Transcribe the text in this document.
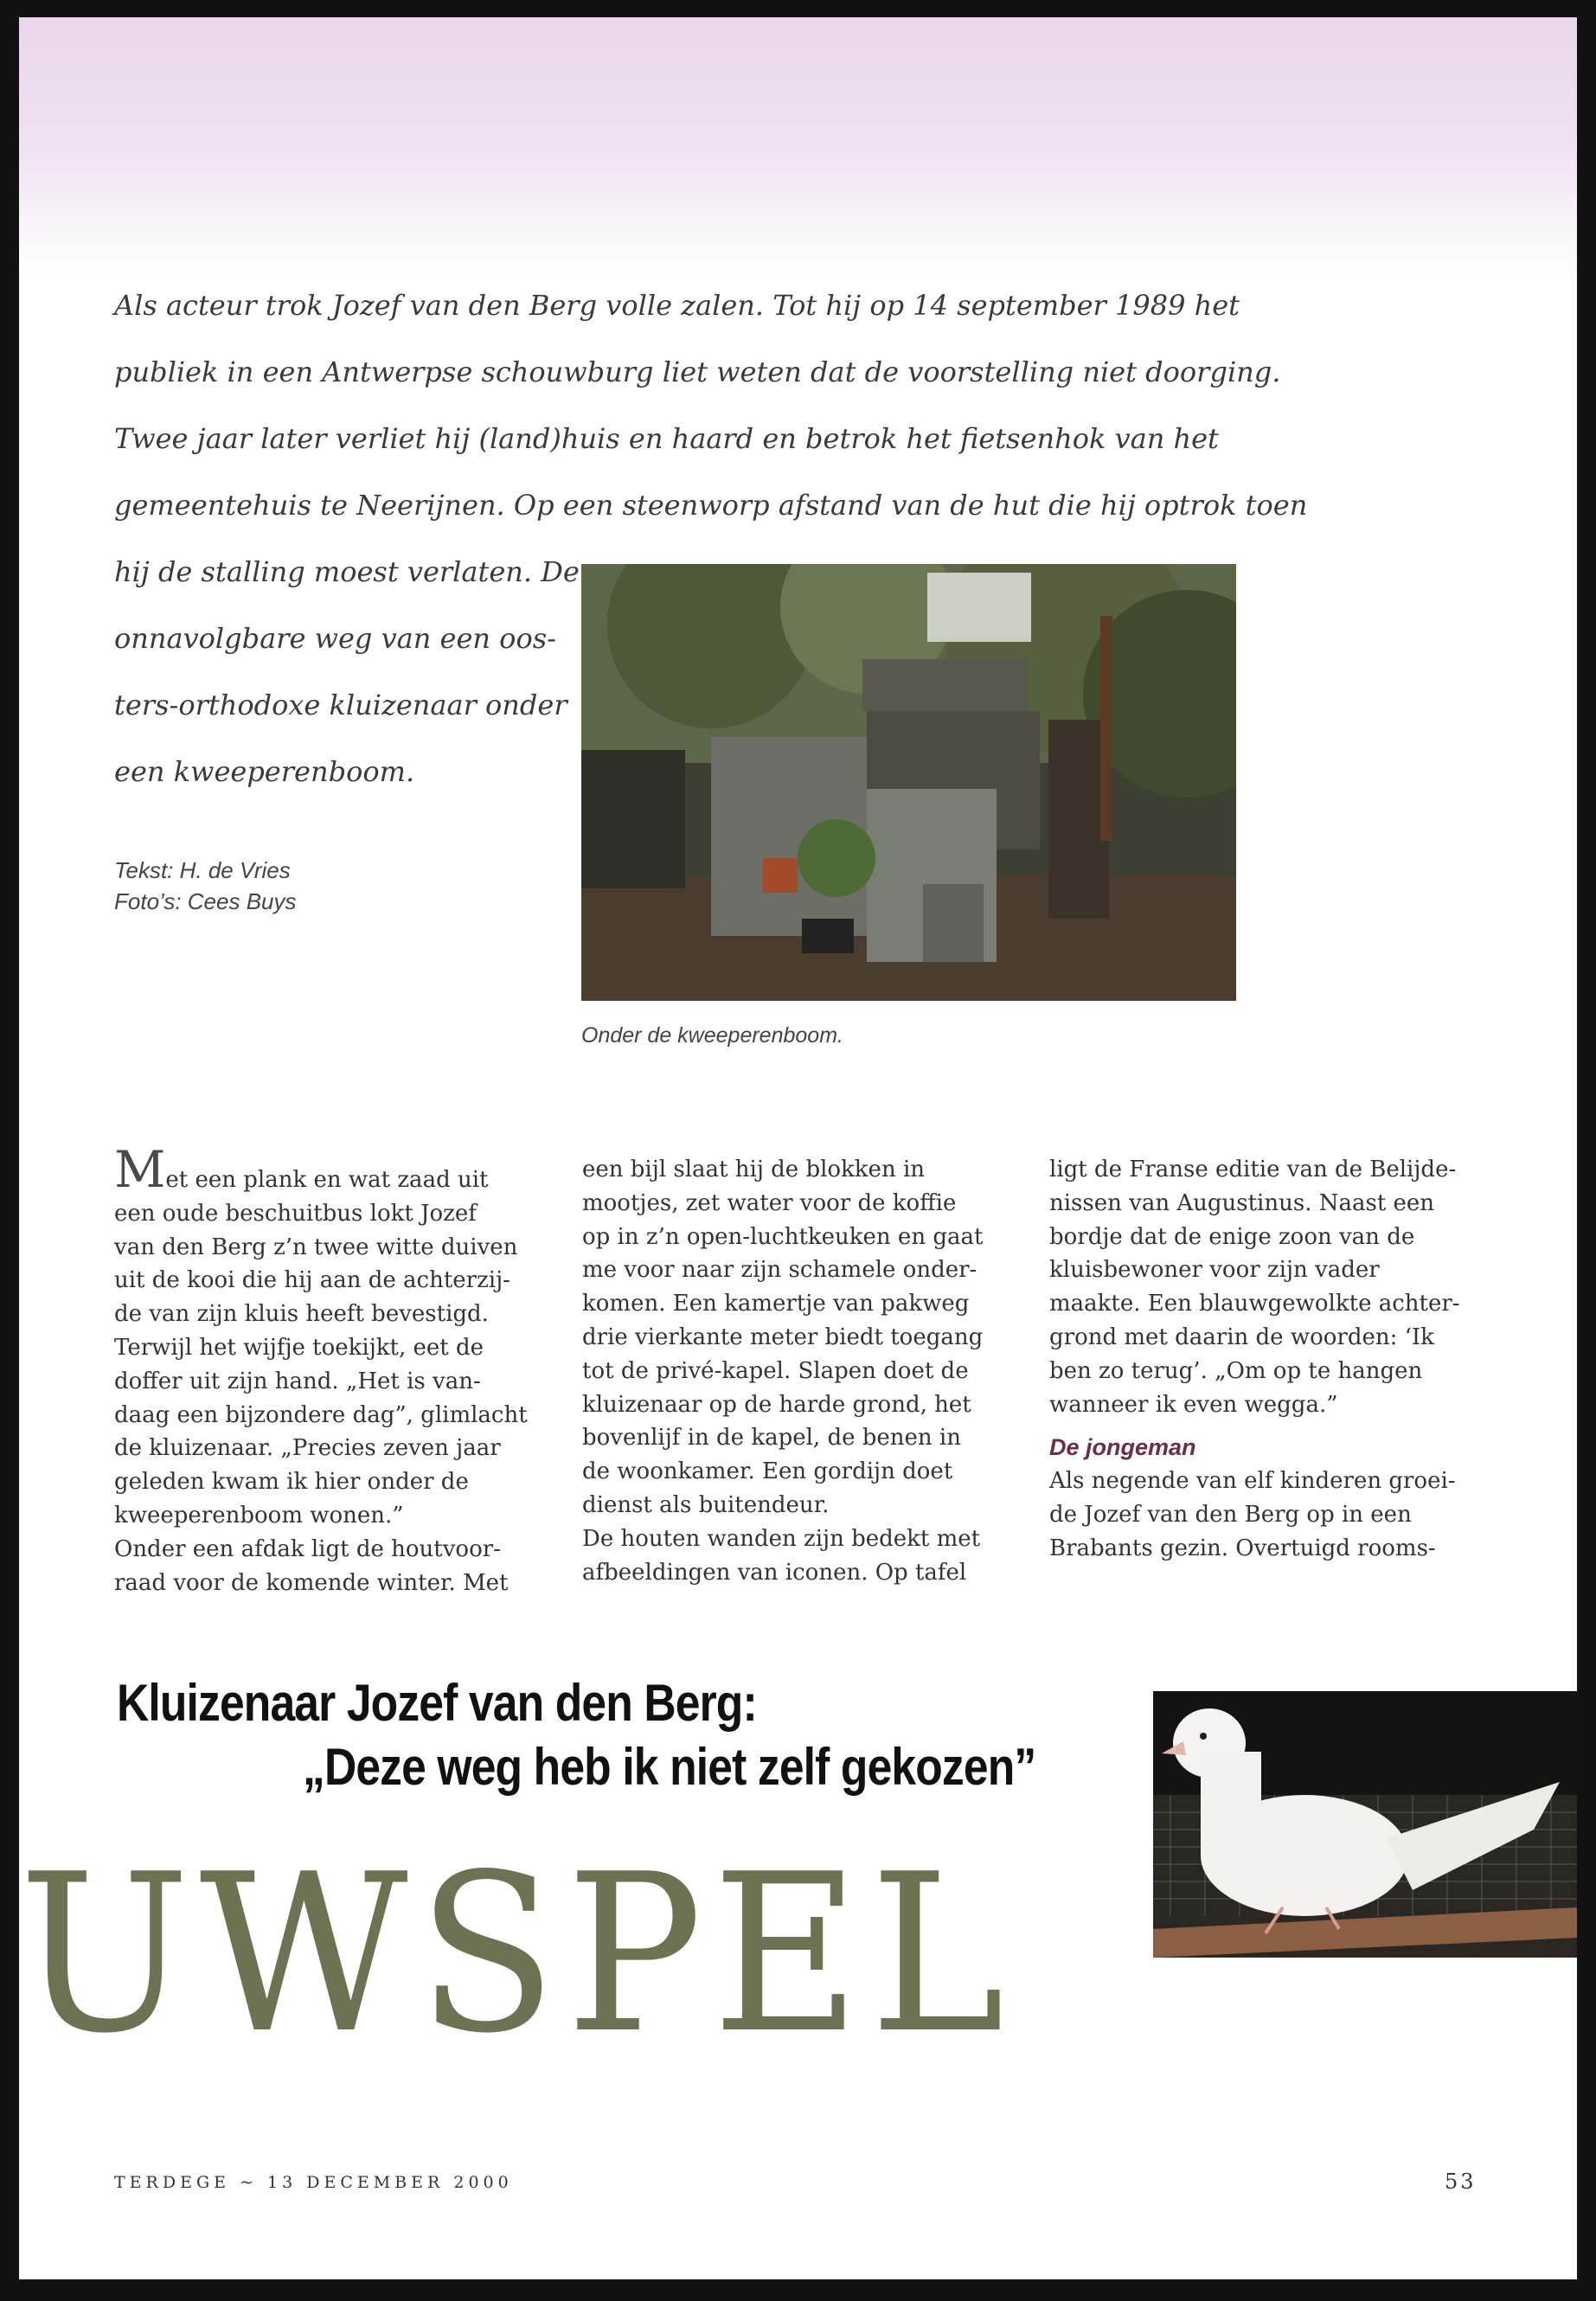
Als acteur trok Jozef van den Berg volle zalen. Tot hij op 14 september 1989 het
publiek in een Antwerpse schouwburg liet weten dat de voorstelling niet doorging.
Twee jaar later verliet hij (land)huis en haard en betrok het fietsenhok van het
gemeentehuis te Neerijnen. Op een steenworp afstand van de hut die hij optrok toen
hij de stalling moest verlaten. De
onnavolgbare weg van een oos-
ters-orthodoxe kluizenaar onder
een kweeperenboom.
Tekst: H. de Vries
Foto’s: Cees Buys
Onder de kweeperenboom.
Met een plank en wat zaad uit
een oude beschuitbus lokt Jozef
van den Berg z’n twee witte duiven
uit de kooi die hij aan de achterzij-
de van zijn kluis heeft bevestigd.
Terwijl het wijfje toekijkt, eet de
doffer uit zijn hand. „Het is van-
daag een bijzondere dag”, glimlacht
de kluizenaar. „Precies zeven jaar
geleden kwam ik hier onder de
kweeperenboom wonen.”
Onder een afdak ligt de houtvoor-
raad voor de komende winter. Met
een bijl slaat hij de blokken in
mootjes, zet water voor de koffie
op in z’n open-luchtkeuken en gaat
me voor naar zijn schamele onder-
komen. Een kamertje van pakweg
drie vierkante meter biedt toegang
tot de privé-kapel. Slapen doet de
kluizenaar op de harde grond, het
bovenlijf in de kapel, de benen in
de woonkamer. Een gordijn doet
dienst als buitendeur.
De houten wanden zijn bedekt met
afbeeldingen van iconen. Op tafel
ligt de Franse editie van de Belijde-
nissen van Augustinus. Naast een
bordje dat de enige zoon van de
kluisbewoner voor zijn vader
maakte. Een blauwgewolkte achter-
grond met daarin de woorden: ‘Ik
ben zo terug’. „Om op te hangen
wanneer ik even wegga.”
De jongeman
Als negende van elf kinderen groei-
de Jozef van den Berg op in een
Brabants gezin. Overtuigd rooms-
Kluizenaar Jozef van den Berg:
„Deze weg heb ik niet zelf gekozen”
UWSPEL
TERDEGE ~ 13 DECEMBER 2000	53
